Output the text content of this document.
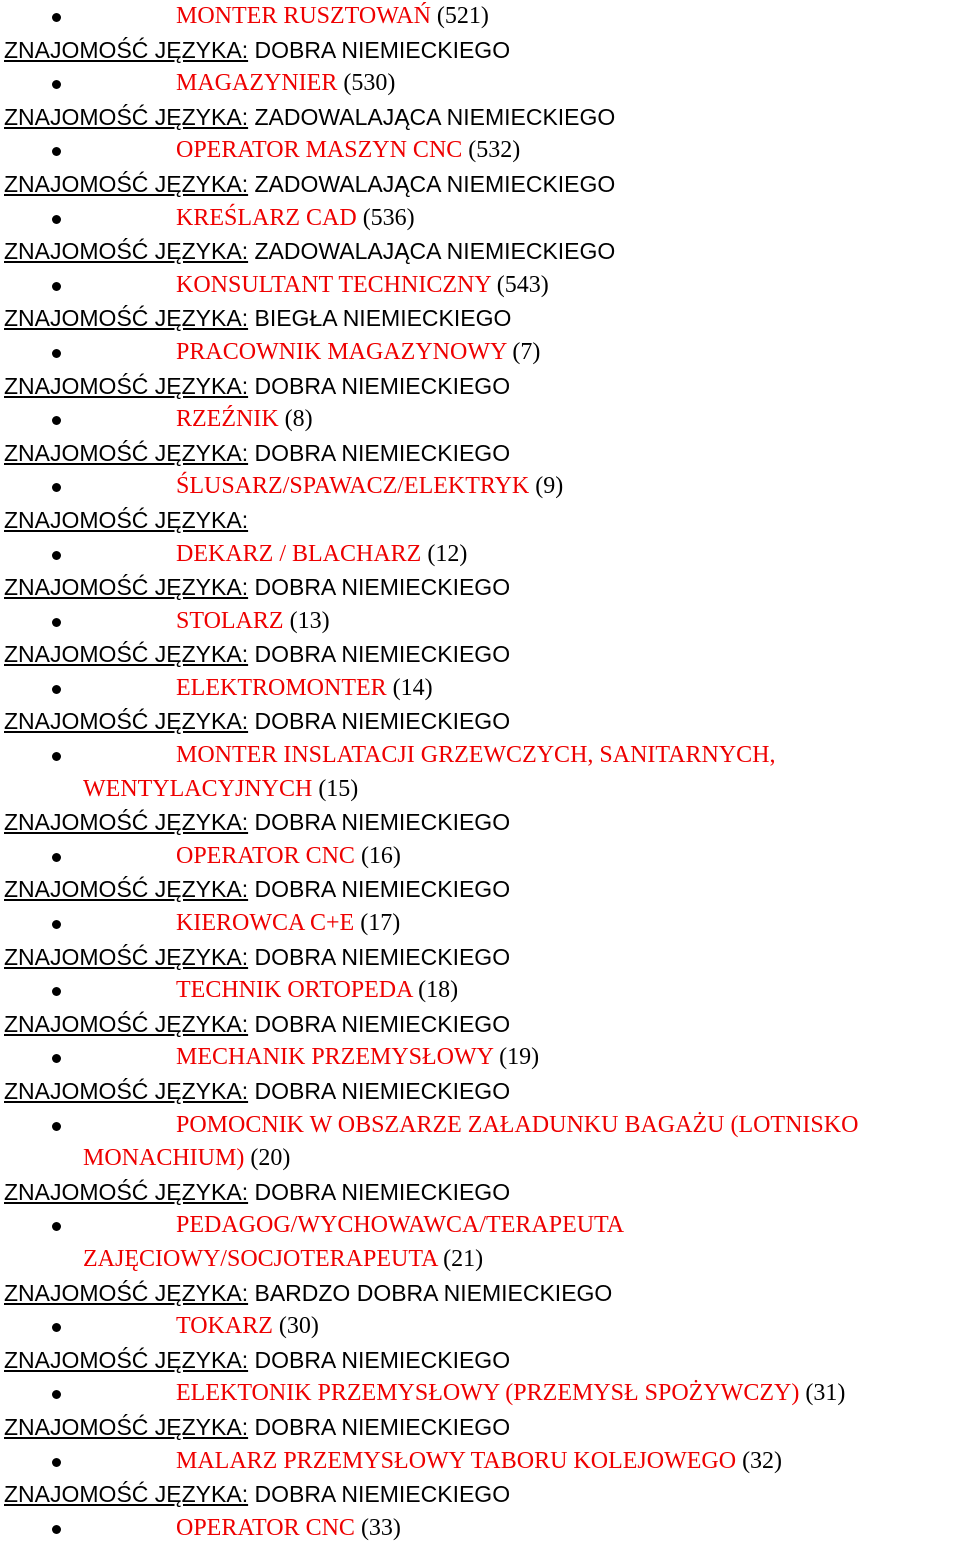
MONTER RUSZTOWAŃ (521)
ZNAJOMOŚĆ JĘZYKA: DOBRA NIEMIECKIEGO
MAGAZYNIER (530)
ZNAJOMOŚĆ JĘZYKA: ZADOWALAJĄCA NIEMIECKIEGO
OPERATOR MASZYN CNC (532)
ZNAJOMOŚĆ JĘZYKA: ZADOWALAJĄCA NIEMIECKIEGO
KREŚLARZ CAD (536)
ZNAJOMOŚĆ JĘZYKA: ZADOWALAJĄCA NIEMIECKIEGO
KONSULTANT TECHNICZNY (543)
ZNAJOMOŚĆ JĘZYKA: BIEGŁA NIEMIECKIEGO
PRACOWNIK MAGAZYNOWY (7)
ZNAJOMOŚĆ JĘZYKA: DOBRA NIEMIECKIEGO
RZEŹNIK (8)
ZNAJOMOŚĆ JĘZYKA: DOBRA NIEMIECKIEGO
ŚLUSARZ/SPAWACZ/ELEKTRYK (9)
ZNAJOMOŚĆ JĘZYKA:
DEKARZ / BLACHARZ (12)
ZNAJOMOŚĆ JĘZYKA: DOBRA NIEMIECKIEGO
STOLARZ (13)
ZNAJOMOŚĆ JĘZYKA: DOBRA NIEMIECKIEGO
ELEKTROMONTER (14)
ZNAJOMOŚĆ JĘZYKA: DOBRA NIEMIECKIEGO
MONTER INSLATACJI GRZEWCZYCH, SANITARNYCH,
WENTYLACYJNYCH (15)
ZNAJOMOŚĆ JĘZYKA: DOBRA NIEMIECKIEGO
OPERATOR CNC (16)
ZNAJOMOŚĆ JĘZYKA: DOBRA NIEMIECKIEGO
KIEROWCA C+E (17)
ZNAJOMOŚĆ JĘZYKA: DOBRA NIEMIECKIEGO
TECHNIK ORTOPEDA (18)
ZNAJOMOŚĆ JĘZYKA: DOBRA NIEMIECKIEGO
MECHANIK PRZEMYSŁOWY (19)
ZNAJOMOŚĆ JĘZYKA: DOBRA NIEMIECKIEGO
POMOCNIK W OBSZARZE ZAŁADUNKU BAGAŻU (LOTNISKO
MONACHIUM) (20)
ZNAJOMOŚĆ JĘZYKA: DOBRA NIEMIECKIEGO
PEDAGOG/WYCHOWAWCA/TERAPEUTA
ZAJĘCIOWY/SOCJOTERAPEUTA (21)
ZNAJOMOŚĆ JĘZYKA: BARDZO DOBRA NIEMIECKIEGO
TOKARZ (30)
ZNAJOMOŚĆ JĘZYKA: DOBRA NIEMIECKIEGO
ELEKTONIK PRZEMYSŁOWY (PRZEMYSŁ SPOŻYWCZY) (31)
ZNAJOMOŚĆ JĘZYKA: DOBRA NIEMIECKIEGO
MALARZ PRZEMYSŁOWY TABORU KOLEJOWEGO (32)
ZNAJOMOŚĆ JĘZYKA: DOBRA NIEMIECKIEGO
OPERATOR CNC (33)
